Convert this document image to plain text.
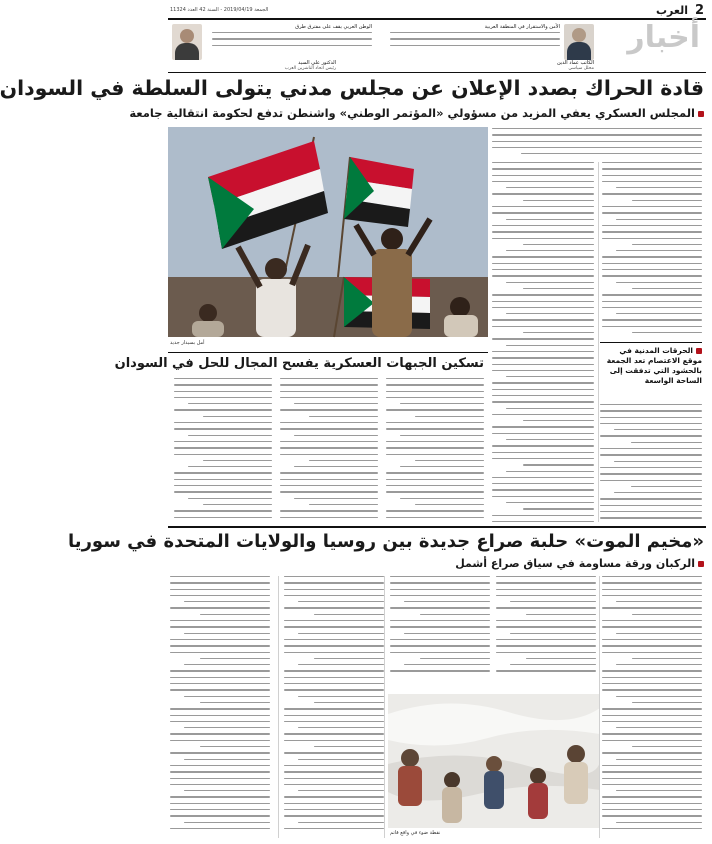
2
العرب
الجمعة 2019/04/19 - السنة 42 العدد 11324
أخبار
الأمن والاستقرار في المنطقة العربية
الكاتب عماد الدين
محلل سياسي
الوطن العربي يقف على مفترق طرق
الدكتور علي السيد
رئيس اتحاد الناشرين العرب
قادة الحراك بصدد الإعلان عن مجلس مدني يتولى السلطة في السودان
المجلس العسكري يعفي المزيد من مسؤولي «المؤتمر الوطني» واشنطن تدفع لحكومة انتقالية جامعة
أمل بسيدار جديد
الحرقات المدنية في موقع الاعتصام تعد الجمعة بالحشود التي تدفقت إلى الساحة الواسعة
تسكين الجبهات العسكرية يفسح المجال للحل في السودان
«مخيم الموت» حلبة صراع جديدة بين روسيا والولايات المتحدة في سوريا
الركبان ورقة مساومة في سياق صراع أشمل
نقطة ضوء في واقع قاتم
